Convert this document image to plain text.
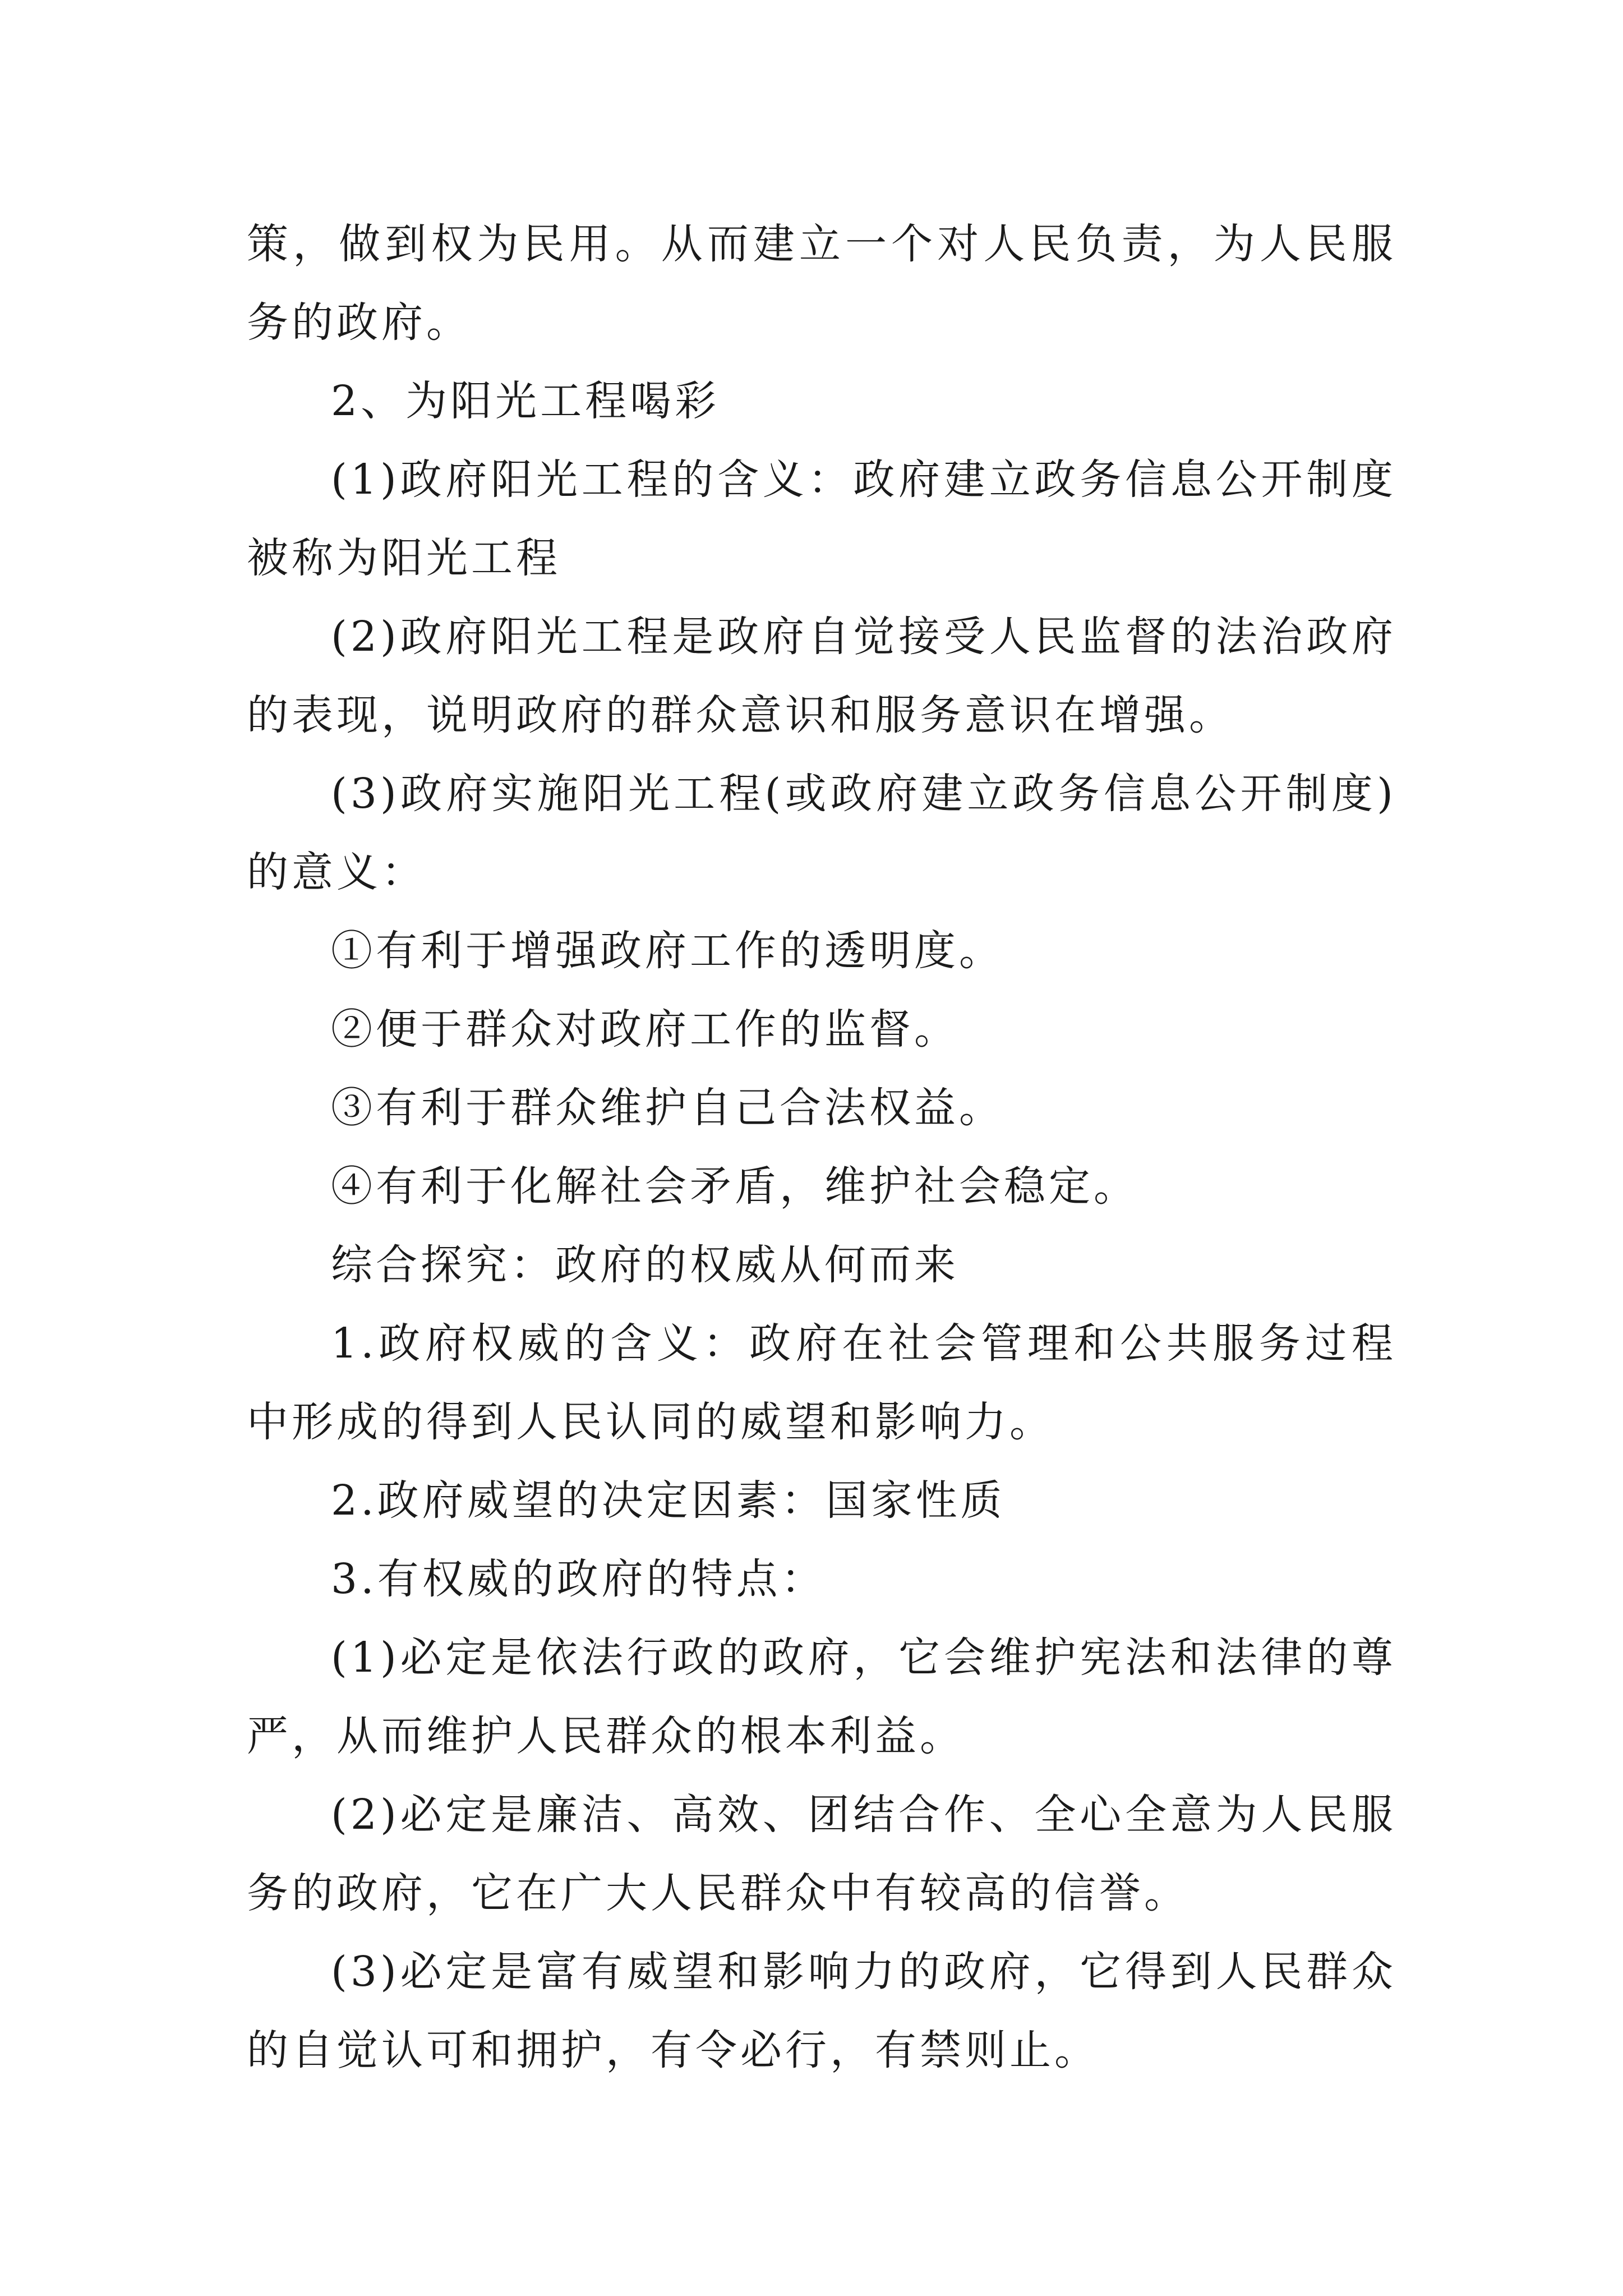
策，做到权为民用。从而建立一个对人民负责，为人民服务的政府。

2、为阳光工程喝彩

(1)政府阳光工程的含义：政府建立政务信息公开制度被称为阳光工程

(2)政府阳光工程是政府自觉接受人民监督的法治政府的表现，说明政府的群众意识和服务意识在增强。

(3)政府实施阳光工程(或政府建立政务信息公开制度)的意义：

①有利于增强政府工作的透明度。

②便于群众对政府工作的监督。

③有利于群众维护自己合法权益。

④有利于化解社会矛盾，维护社会稳定。

综合探究：政府的权威从何而来

1.政府权威的含义：政府在社会管理和公共服务过程中形成的得到人民认同的威望和影响力。

2.政府威望的决定因素：国家性质

3.有权威的政府的特点：

(1)必定是依法行政的政府，它会维护宪法和法律的尊严，从而维护人民群众的根本利益。

(2)必定是廉洁、高效、团结合作、全心全意为人民服务的政府，它在广大人民群众中有较高的信誉。

(3)必定是富有威望和影响力的政府，它得到人民群众的自觉认可和拥护，有令必行，有禁则止。
